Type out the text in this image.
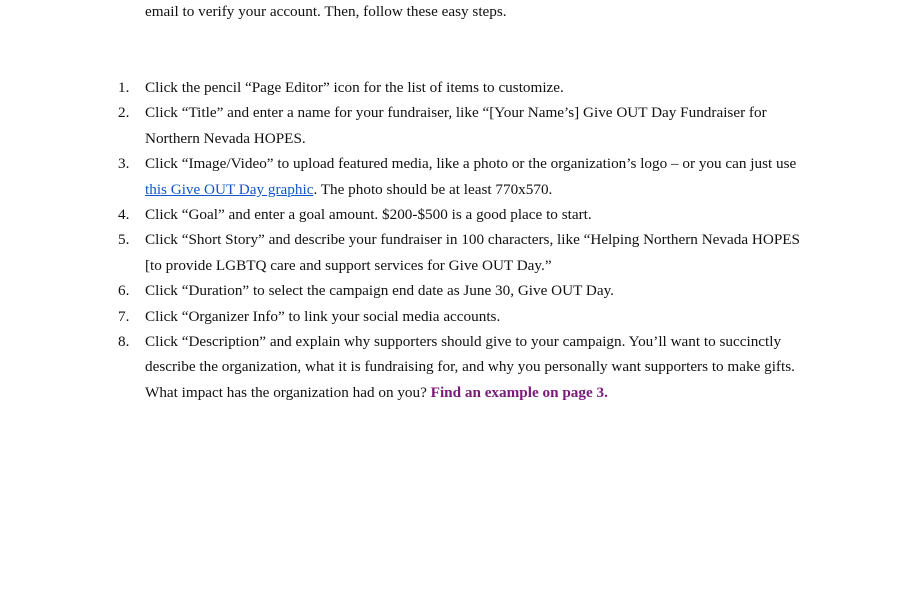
email to verify your account. Then, follow these easy steps.
1. Click the pencil “Page Editor” icon for the list of items to customize.
2. Click “Title” and enter a name for your fundraiser, like “[Your Name’s] Give OUT Day Fundraiser for Northern Nevada HOPES.
3. Click “Image/Video” to upload featured media, like a photo or the organization’s logo – or you can just use this Give OUT Day graphic. The photo should be at least 770x570.
4. Click “Goal” and enter a goal amount. $200-$500 is a good place to start.
5. Click “Short Story” and describe your fundraiser in 100 characters, like “Helping Northern Nevada HOPES [to provide LGBTQ care and support services for Give OUT Day.”
6. Click “Duration” to select the campaign end date as June 30, Give OUT Day.
7. Click “Organizer Info” to link your social media accounts.
8. Click “Description” and explain why supporters should give to your campaign. You’ll want to succinctly describe the organization, what it is fundraising for, and why you personally want supporters to make gifts. What impact has the organization had on you? Find an example on page 3.
